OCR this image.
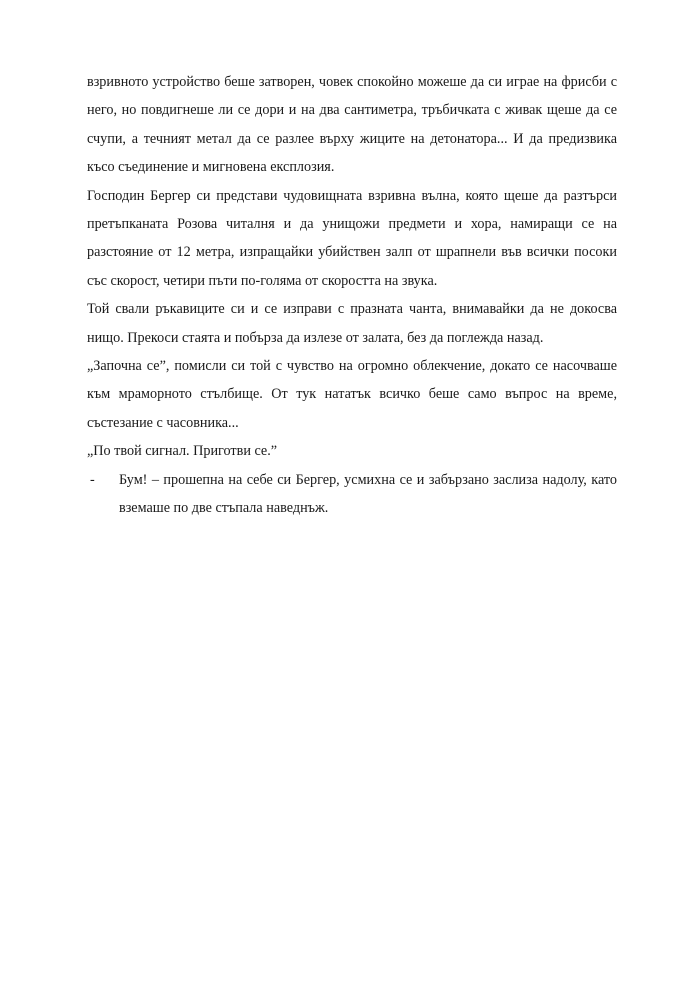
взривното устройство беше затворен, човек спокойно можеше да си играе на фрисби с него, но повдигнеше ли се дори и на два сантиметра, тръбичката с живак щеше да се счупи, а течният метал да се разлее върху жиците на детонатора... И да предизвика късо съединение и мигновена експлозия.

Господин Бергер си представи чудовищната взривна вълна, която щеше да разтърси претъпканата Розова читалня и да унищожи предмети и хора, намиращи се на разстояние от 12 метра, изпращайки убийствен залп от шрапнели във всички посоки със скорост, четири пъти по-голяма от скоростта на звука.

Той свали ръкавиците си и се изправи с празната чанта, внимавайки да не докосва нищо. Прекоси стаята и побърза да излезе от залата, без да поглежда назад.

„Започна се”, помисли си той с чувство на огромно облекчение, докато се насочваше към мраморното стълбище. От тук нататък всичко беше само въпрос на време, състезание с часовника...

„По твой сигнал. Приготви се.”

- Бум! – прошепна на себе си Бергер, усмихна се и забързано заслиза надолу, като вземаше по две стъпала наведнъж.
